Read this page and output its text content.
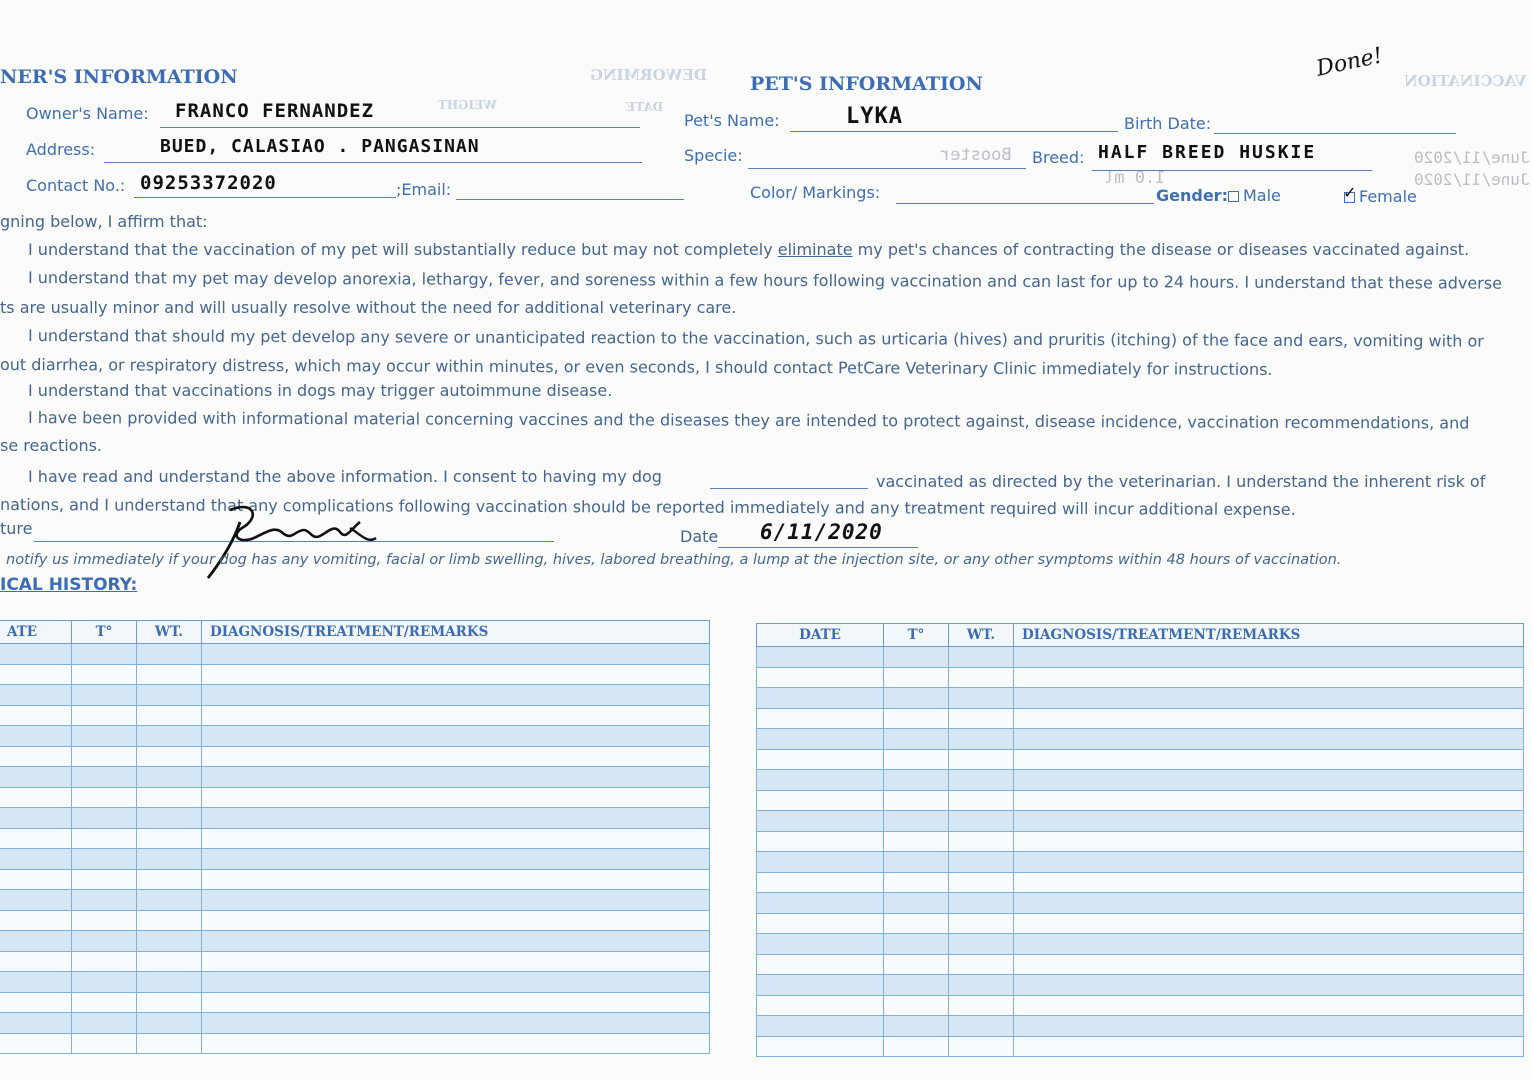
DEWORMING	VACCINATION
DATE
WEIGHT
Booster
1.0 ml
June/11/2020
June/11/2020
Done!
NER'S INFORMATION
Owner's Name: FRANCO FERNANDEZ
Address:	BUED, CALASIAO . PANGASINAN
Contact No.: 09253372020	;Email:
PET'S INFORMATION
Pet's Name:	LYKA	Birth Date:
Specie:	Breed: HALF BREED HUSKIE
Color/ Markings:	Gender: Male	✓ Female
gning below, I affirm that:
I understand that the vaccination of my pet will substantially reduce but may not completely eliminate my pet's chances of contracting the disease or diseases vaccinated against.
I understand that my pet may develop anorexia, lethargy, fever, and soreness within a few hours following vaccination and can last for up to 24 hours. I understand that these adverse
ts are usually minor and will usually resolve without the need for additional veterinary care.
I understand that should my pet develop any severe or unanticipated reaction to the vaccination, such as urticaria (hives) and pruritis (itching) of the face and ears, vomiting with or
out diarrhea, or respiratory distress, which may occur within minutes, or even seconds, I should contact PetCare Veterinary Clinic immediately for instructions.
I understand that vaccinations in dogs may trigger autoimmune disease.
I have been provided with informational material concerning vaccines and the diseases they are intended to protect against, disease incidence, vaccination recommendations, and
se reactions.
I have read and understand the above information. I consent to having my dog	vaccinated as directed by the veterinarian. I understand the inherent risk of
nations, and I understand that any complications following vaccination should be reported immediately and any treatment required will incur additional expense.
ture	Date 6/11/2020
notify us immediately if your dog has any vomiting, facial or limb swelling, hives, labored breathing, a lump at the injection site, or any other symptoms within 48 hours of vaccination.
ICAL HISTORY:
ATE	T°	WT.	DIAGNOSIS/TREATMENT/REMARKS

				DATE	T°	WT.	DIAGNOSIS/TREATMENT/REMARKS
